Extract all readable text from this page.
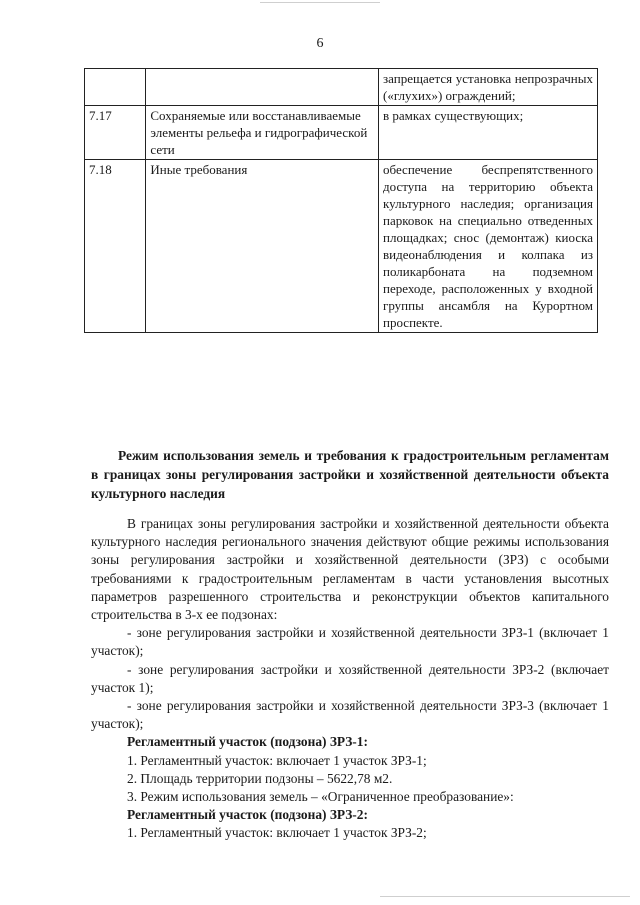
6
		запрещается установка непрозрачных («глухих») ограждений;
7.17	Сохраняемые или восстанавливаемые элементы рельефа и гидрографической сети	в рамках существующих;
7.18	Иные требования	обеспечение беспрепятственного доступа на территорию объекта культурного наследия; организация парковок на специально отведенных площадках; снос (демонтаж) киоска видеонаблюдения и колпака из поликарбоната на подземном переходе, расположенных у входной группы ансамбля на Курортном проспекте.
Режим использования земель и требования к градостроительным регламентам в границах зоны регулирования застройки и хозяйственной деятельности объекта культурного наследия

В границах зоны регулирования застройки и хозяйственной деятельности объекта культурного наследия регионального значения действуют общие режимы использования зоны регулирования застройки и хозяйственной деятельности (ЗРЗ) с особыми требованиями к градостроительным регламентам в части установления высотных параметров разрешенного строительства и реконструкции объектов капитального строительства в 3-х ее подзонах:

- зоне регулирования застройки и хозяйственной деятельности ЗРЗ-1 (включает 1 участок);

- зоне регулирования застройки и хозяйственной деятельности ЗРЗ-2 (включает участок 1);

- зоне регулирования застройки и хозяйственной деятельности ЗРЗ-3 (включает 1 участок);

Регламентный участок (подзона) ЗРЗ-1:

1. Регламентный участок: включает 1 участок ЗРЗ-1;

2. Площадь территории подзоны – 5622,78 м2.

3. Режим использования земель – «Ограниченное преобразование»:

Регламентный участок (подзона) ЗРЗ-2:

1. Регламентный участок: включает 1 участок ЗРЗ-2;
